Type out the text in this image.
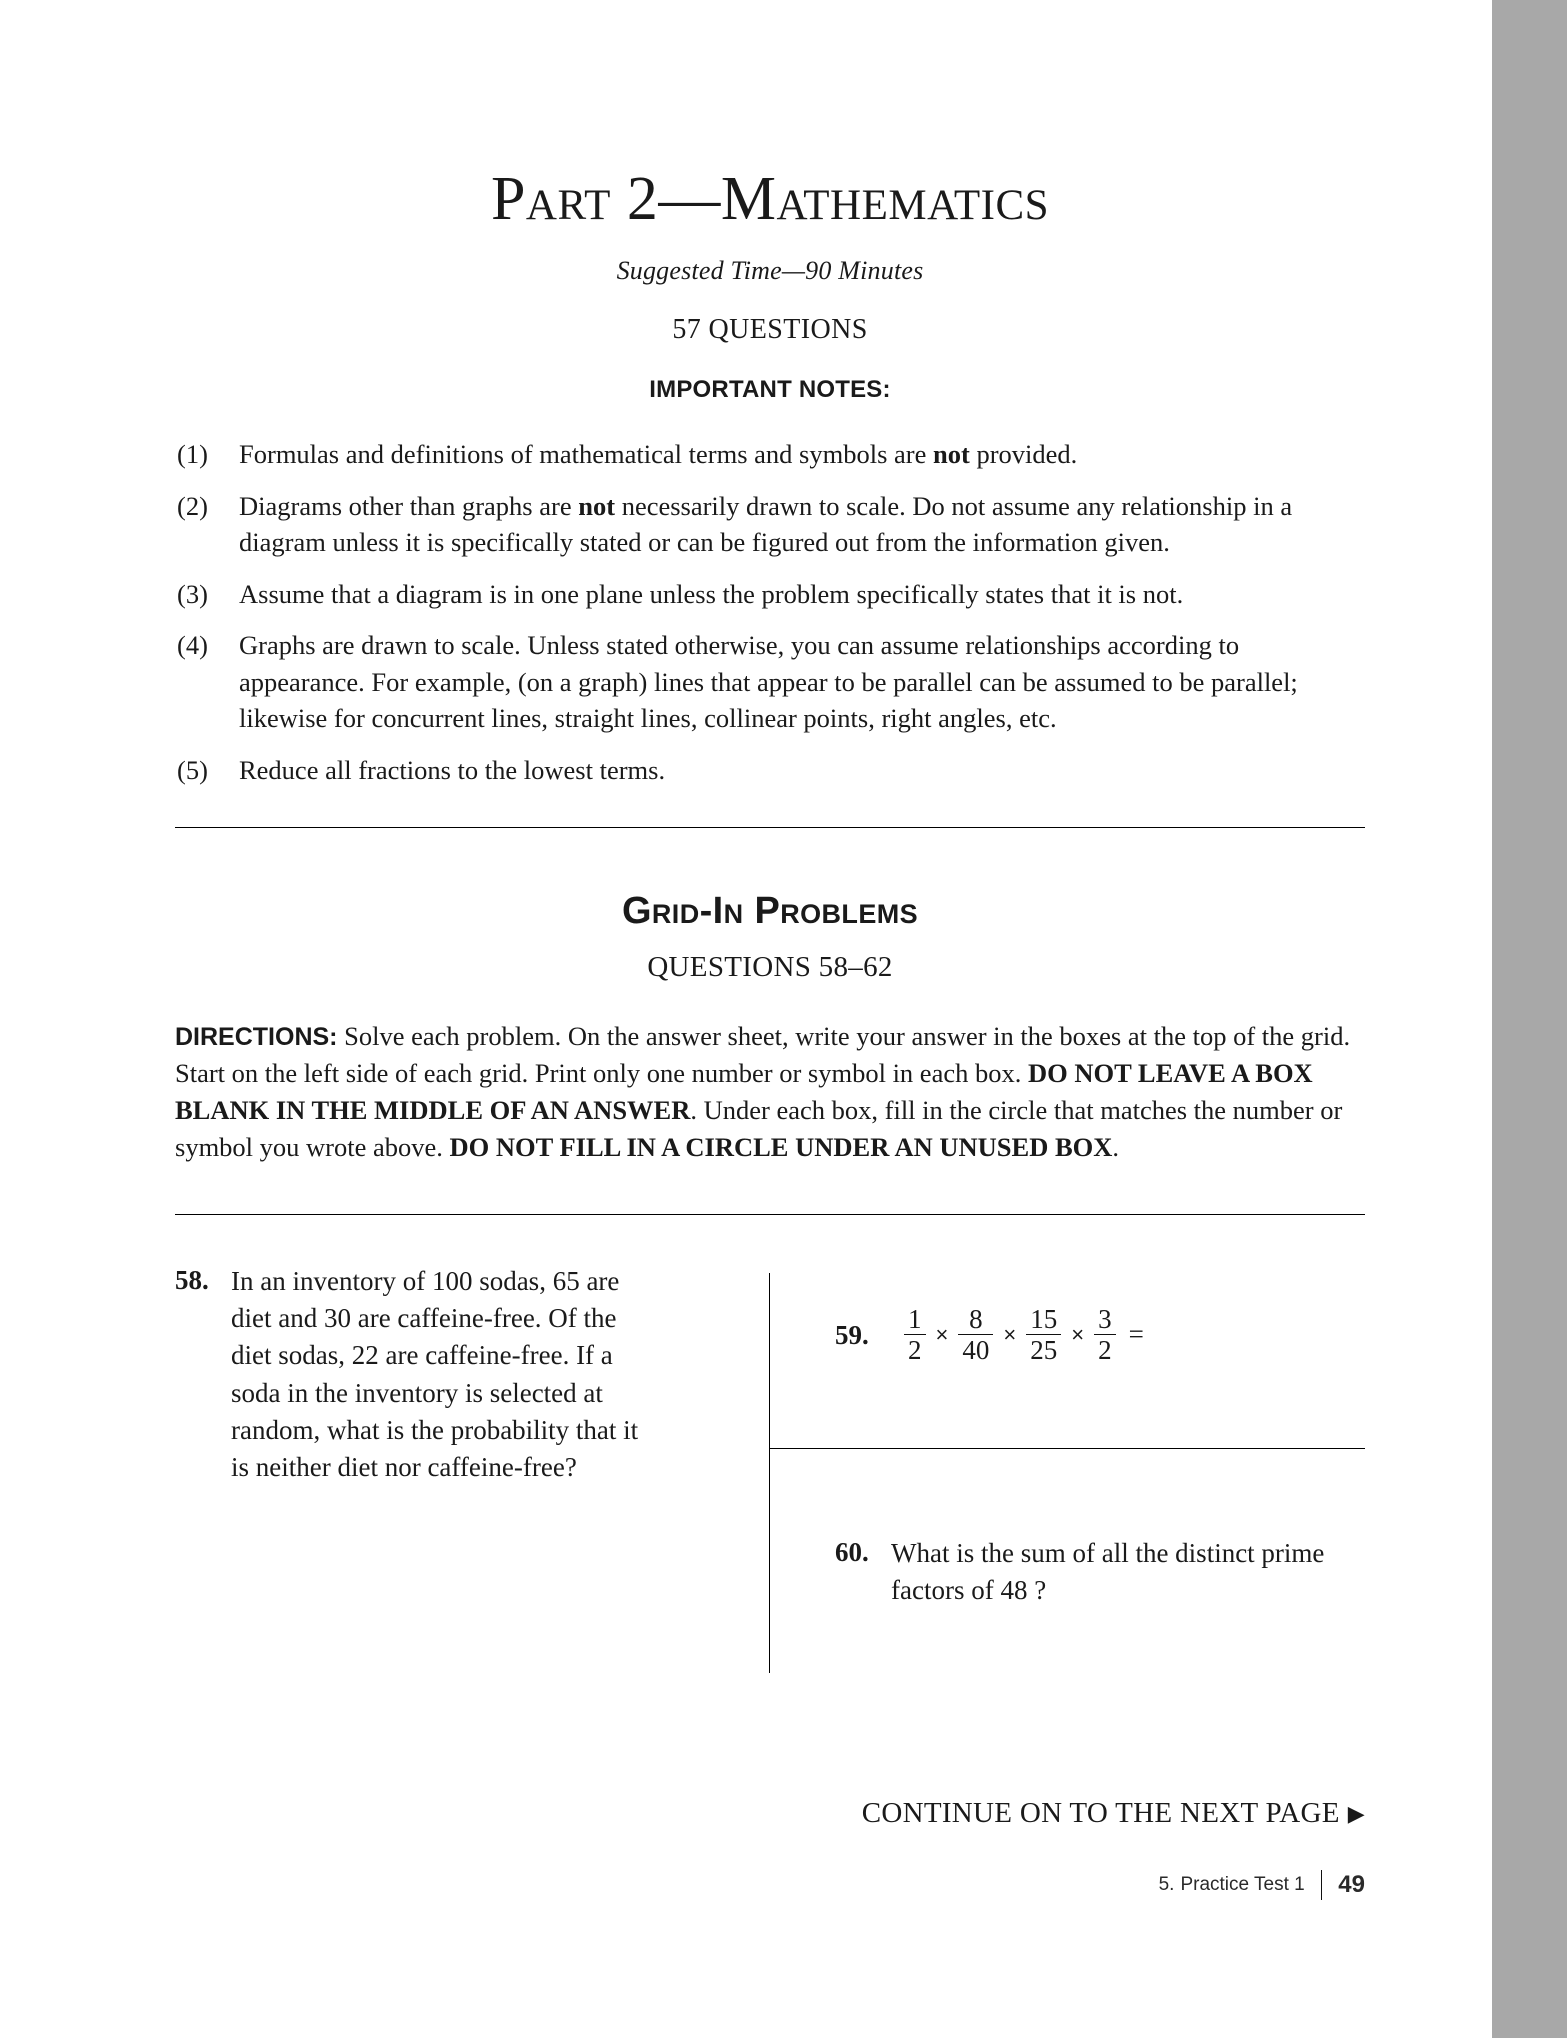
Part 2—Mathematics
Suggested Time—90 Minutes
57 QUESTIONS
IMPORTANT NOTES:
(1)	Formulas and definitions of mathematical terms and symbols are not provided.
(2)	Diagrams other than graphs are not necessarily drawn to scale. Do not assume any relationship in a diagram unless it is specifically stated or can be figured out from the information given.
(3)	Assume that a diagram is in one plane unless the problem specifically states that it is not.
(4)	Graphs are drawn to scale. Unless stated otherwise, you can assume relationships according to appearance. For example, (on a graph) lines that appear to be parallel can be assumed to be parallel; likewise for concurrent lines, straight lines, collinear points, right angles, etc.
(5)	Reduce all fractions to the lowest terms.
Grid-In Problems
QUESTIONS 58–62
DIRECTIONS: Solve each problem. On the answer sheet, write your answer in the boxes at the top of the grid. Start on the left side of each grid. Print only one number or symbol in each box. DO NOT LEAVE A BOX BLANK IN THE MIDDLE OF AN ANSWER. Under each box, fill in the circle that matches the number or symbol you wrote above. DO NOT FILL IN A CIRCLE UNDER AN UNUSED BOX.
58. In an inventory of 100 sodas, 65 are diet and 30 are caffeine-free. Of the diet sodas, 22 are caffeine-free. If a soda in the inventory is selected at random, what is the probability that it is neither diet nor caffeine-free?
59.	$\frac{1}{2} \times \frac{8}{40} \times \frac{15}{25} \times \frac{3}{2}$ =
60. What is the sum of all the distinct prime factors of 48 ?
CONTINUE ON TO THE NEXT PAGE ▶
5. Practice Test 1 49
